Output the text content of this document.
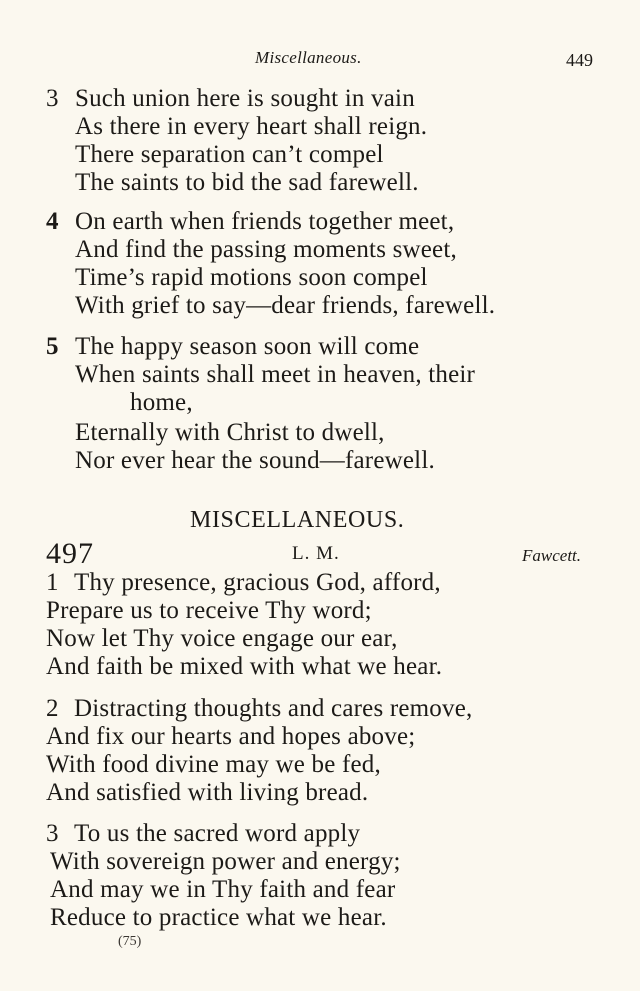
Miscellaneous.	449
3 Such union here is sought in vain
As there in every heart shall reign.
There separation can’t compel
The saints to bid the sad farewell.
4 On earth when friends together meet,
And find the passing moments sweet,
Time’s rapid motions soon compel
With grief to say—dear friends, farewell.
5 The happy season soon will come
When saints shall meet in heaven, their
home,
Eternally with Christ to dwell,
Nor ever hear the sound—farewell.
MISCELLANEOUS.
497	L. M.	Fawcett.
1 Thy presence, gracious God, afford,
Prepare us to receive Thy word;
Now let Thy voice engage our ear,
And faith be mixed with what we hear.
2 Distracting thoughts and cares remove,
And fix our hearts and hopes above;
With food divine may we be fed,
And satisfied with living bread.
3 To us the sacred word apply
With sovereign power and energy;
And may we in Thy faith and fear
Reduce to practice what we hear.
(75)
